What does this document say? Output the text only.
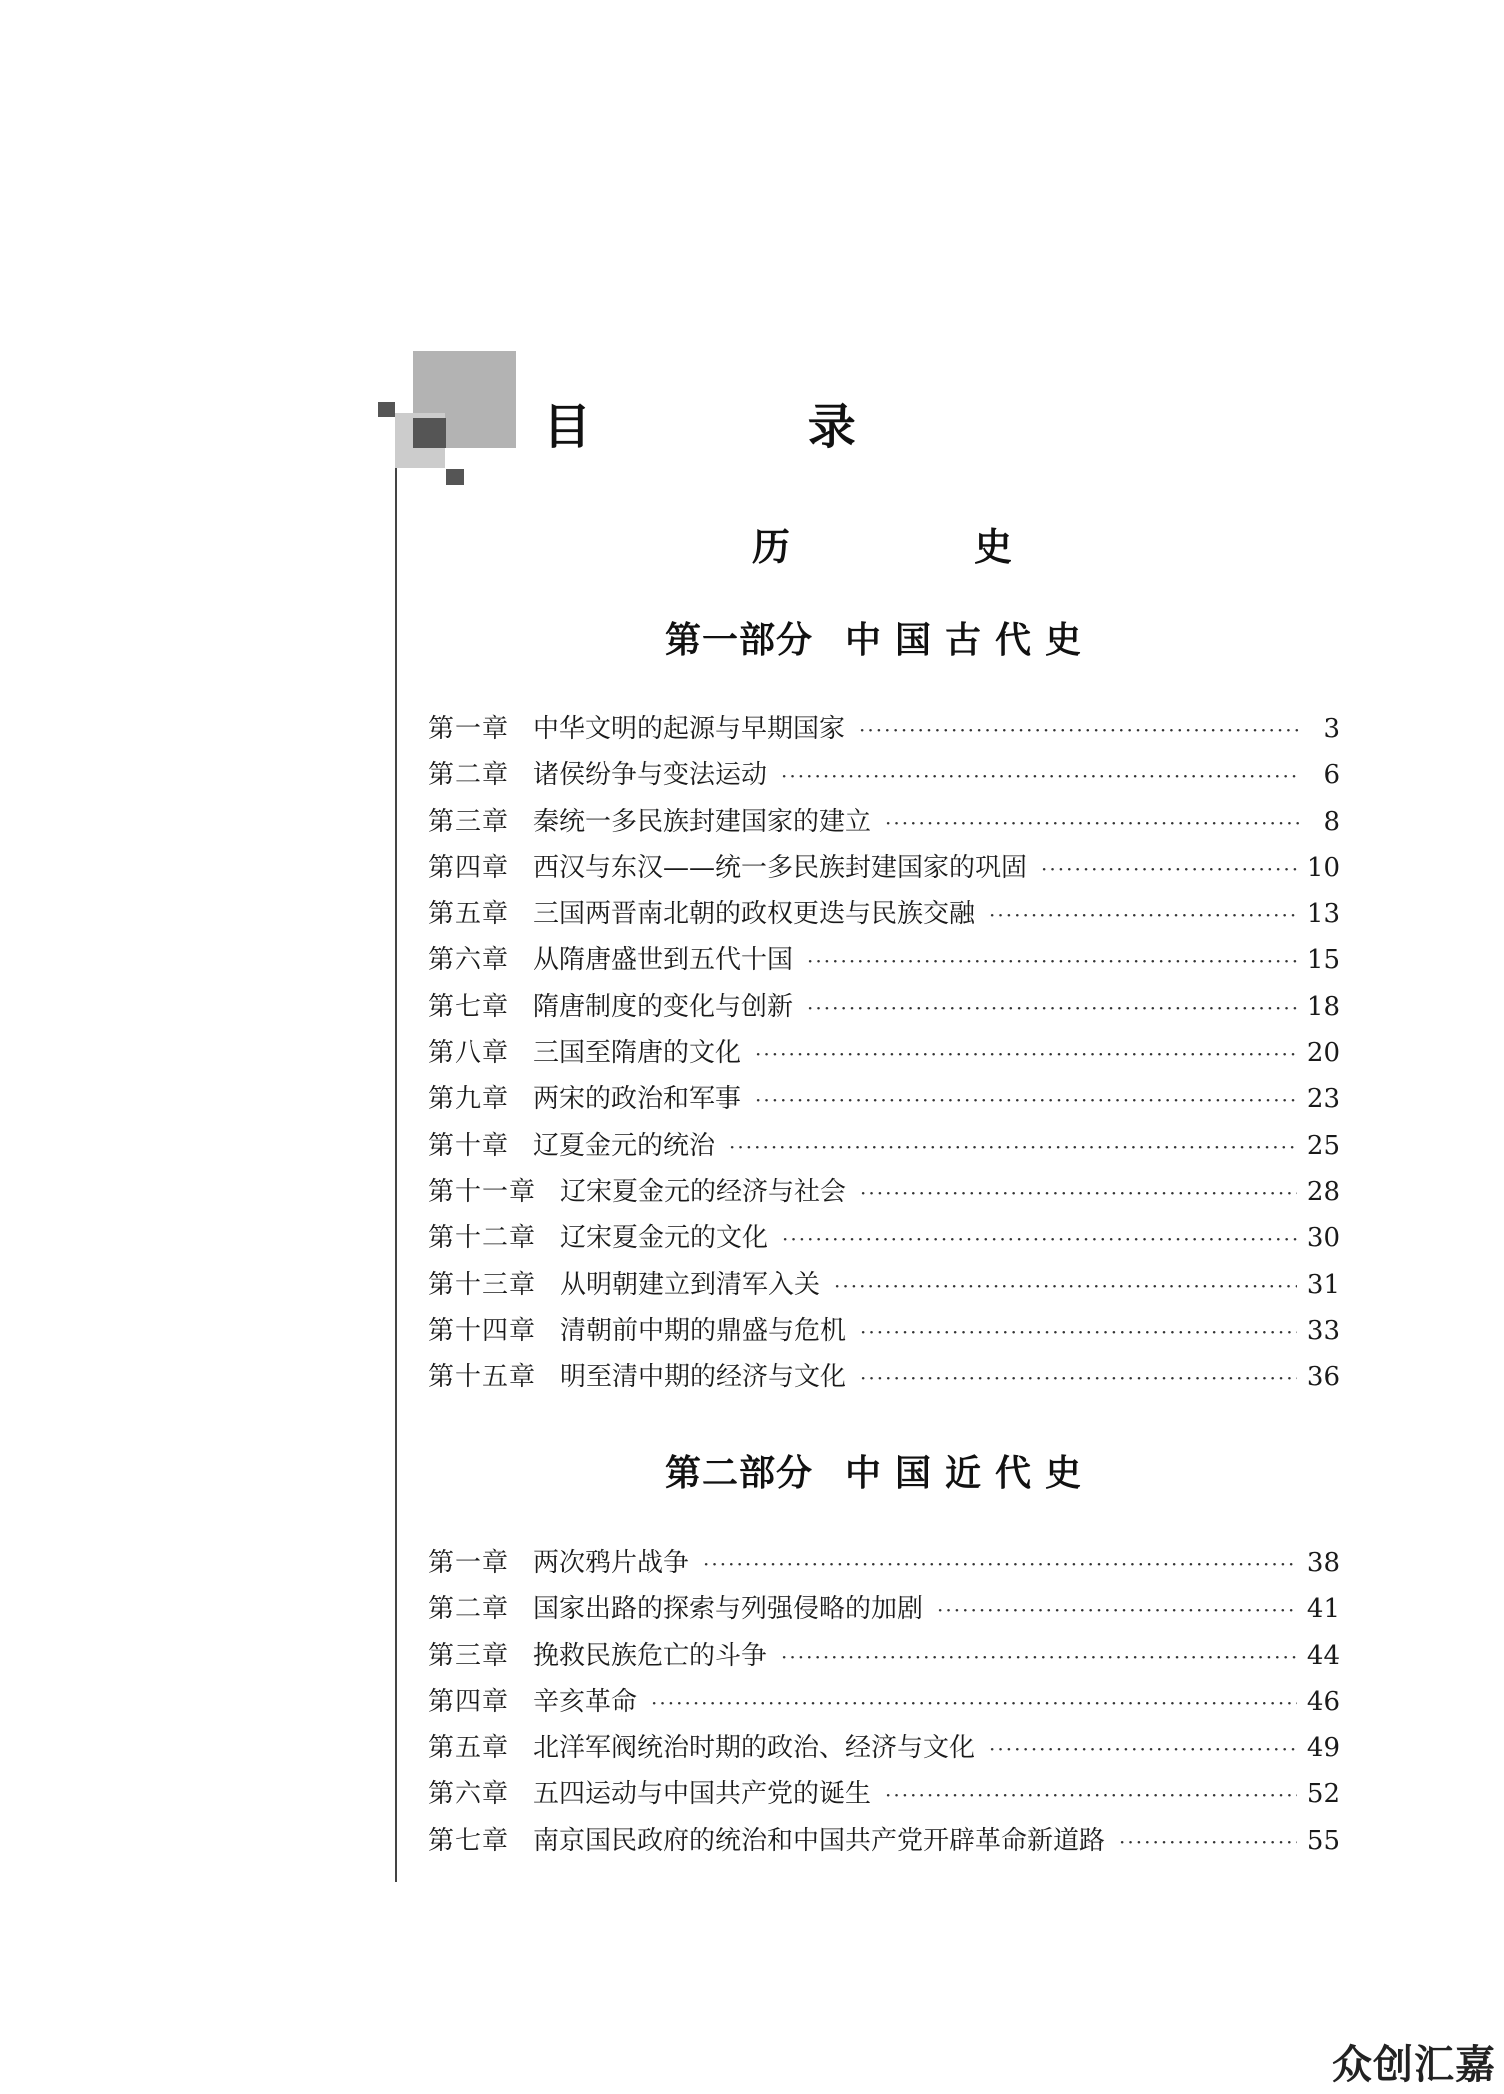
目 录
历	史
第一部分 中国古代史
第一章 中华文明的起源与早期国家 ·····	3
第二章 诸侯纷争与变法运动 ·····	6
第三章 秦统一多民族封建国家的建立 ·····	8
第四章 西汉与东汉——统一多民族封建国家的巩固 ·····	10
第五章 三国两晋南北朝的政权更迭与民族交融 ·····	13
第六章 从隋唐盛世到五代十国 ·····	15
第七章 隋唐制度的变化与创新 ·····	18
第八章 三国至隋唐的文化 ·····	20
第九章 两宋的政治和军事 ·····	23
第十章 辽夏金元的统治 ·····	25
第十一章 辽宋夏金元的经济与社会 ·····	28
第十二章 辽宋夏金元的文化 ·····	30
第十三章 从明朝建立到清军入关 ·····	31
第十四章 清朝前中期的鼎盛与危机 ·····	33
第十五章 明至清中期的经济与文化 ·····	36
第二部分 中国近代史
第一章 两次鸦片战争 ·····	38
第二章 国家出路的探索与列强侵略的加剧 ·····	41
第三章 挽救民族危亡的斗争 ·····	44
第四章 辛亥革命 ·····	46
第五章 北洋军阀统治时期的政治、经济与文化 ·····	49
第六章 五四运动与中国共产党的诞生 ·····	52
第七章 南京国民政府的统治和中国共产党开辟革命新道路 ·····	55
众创汇嘉
